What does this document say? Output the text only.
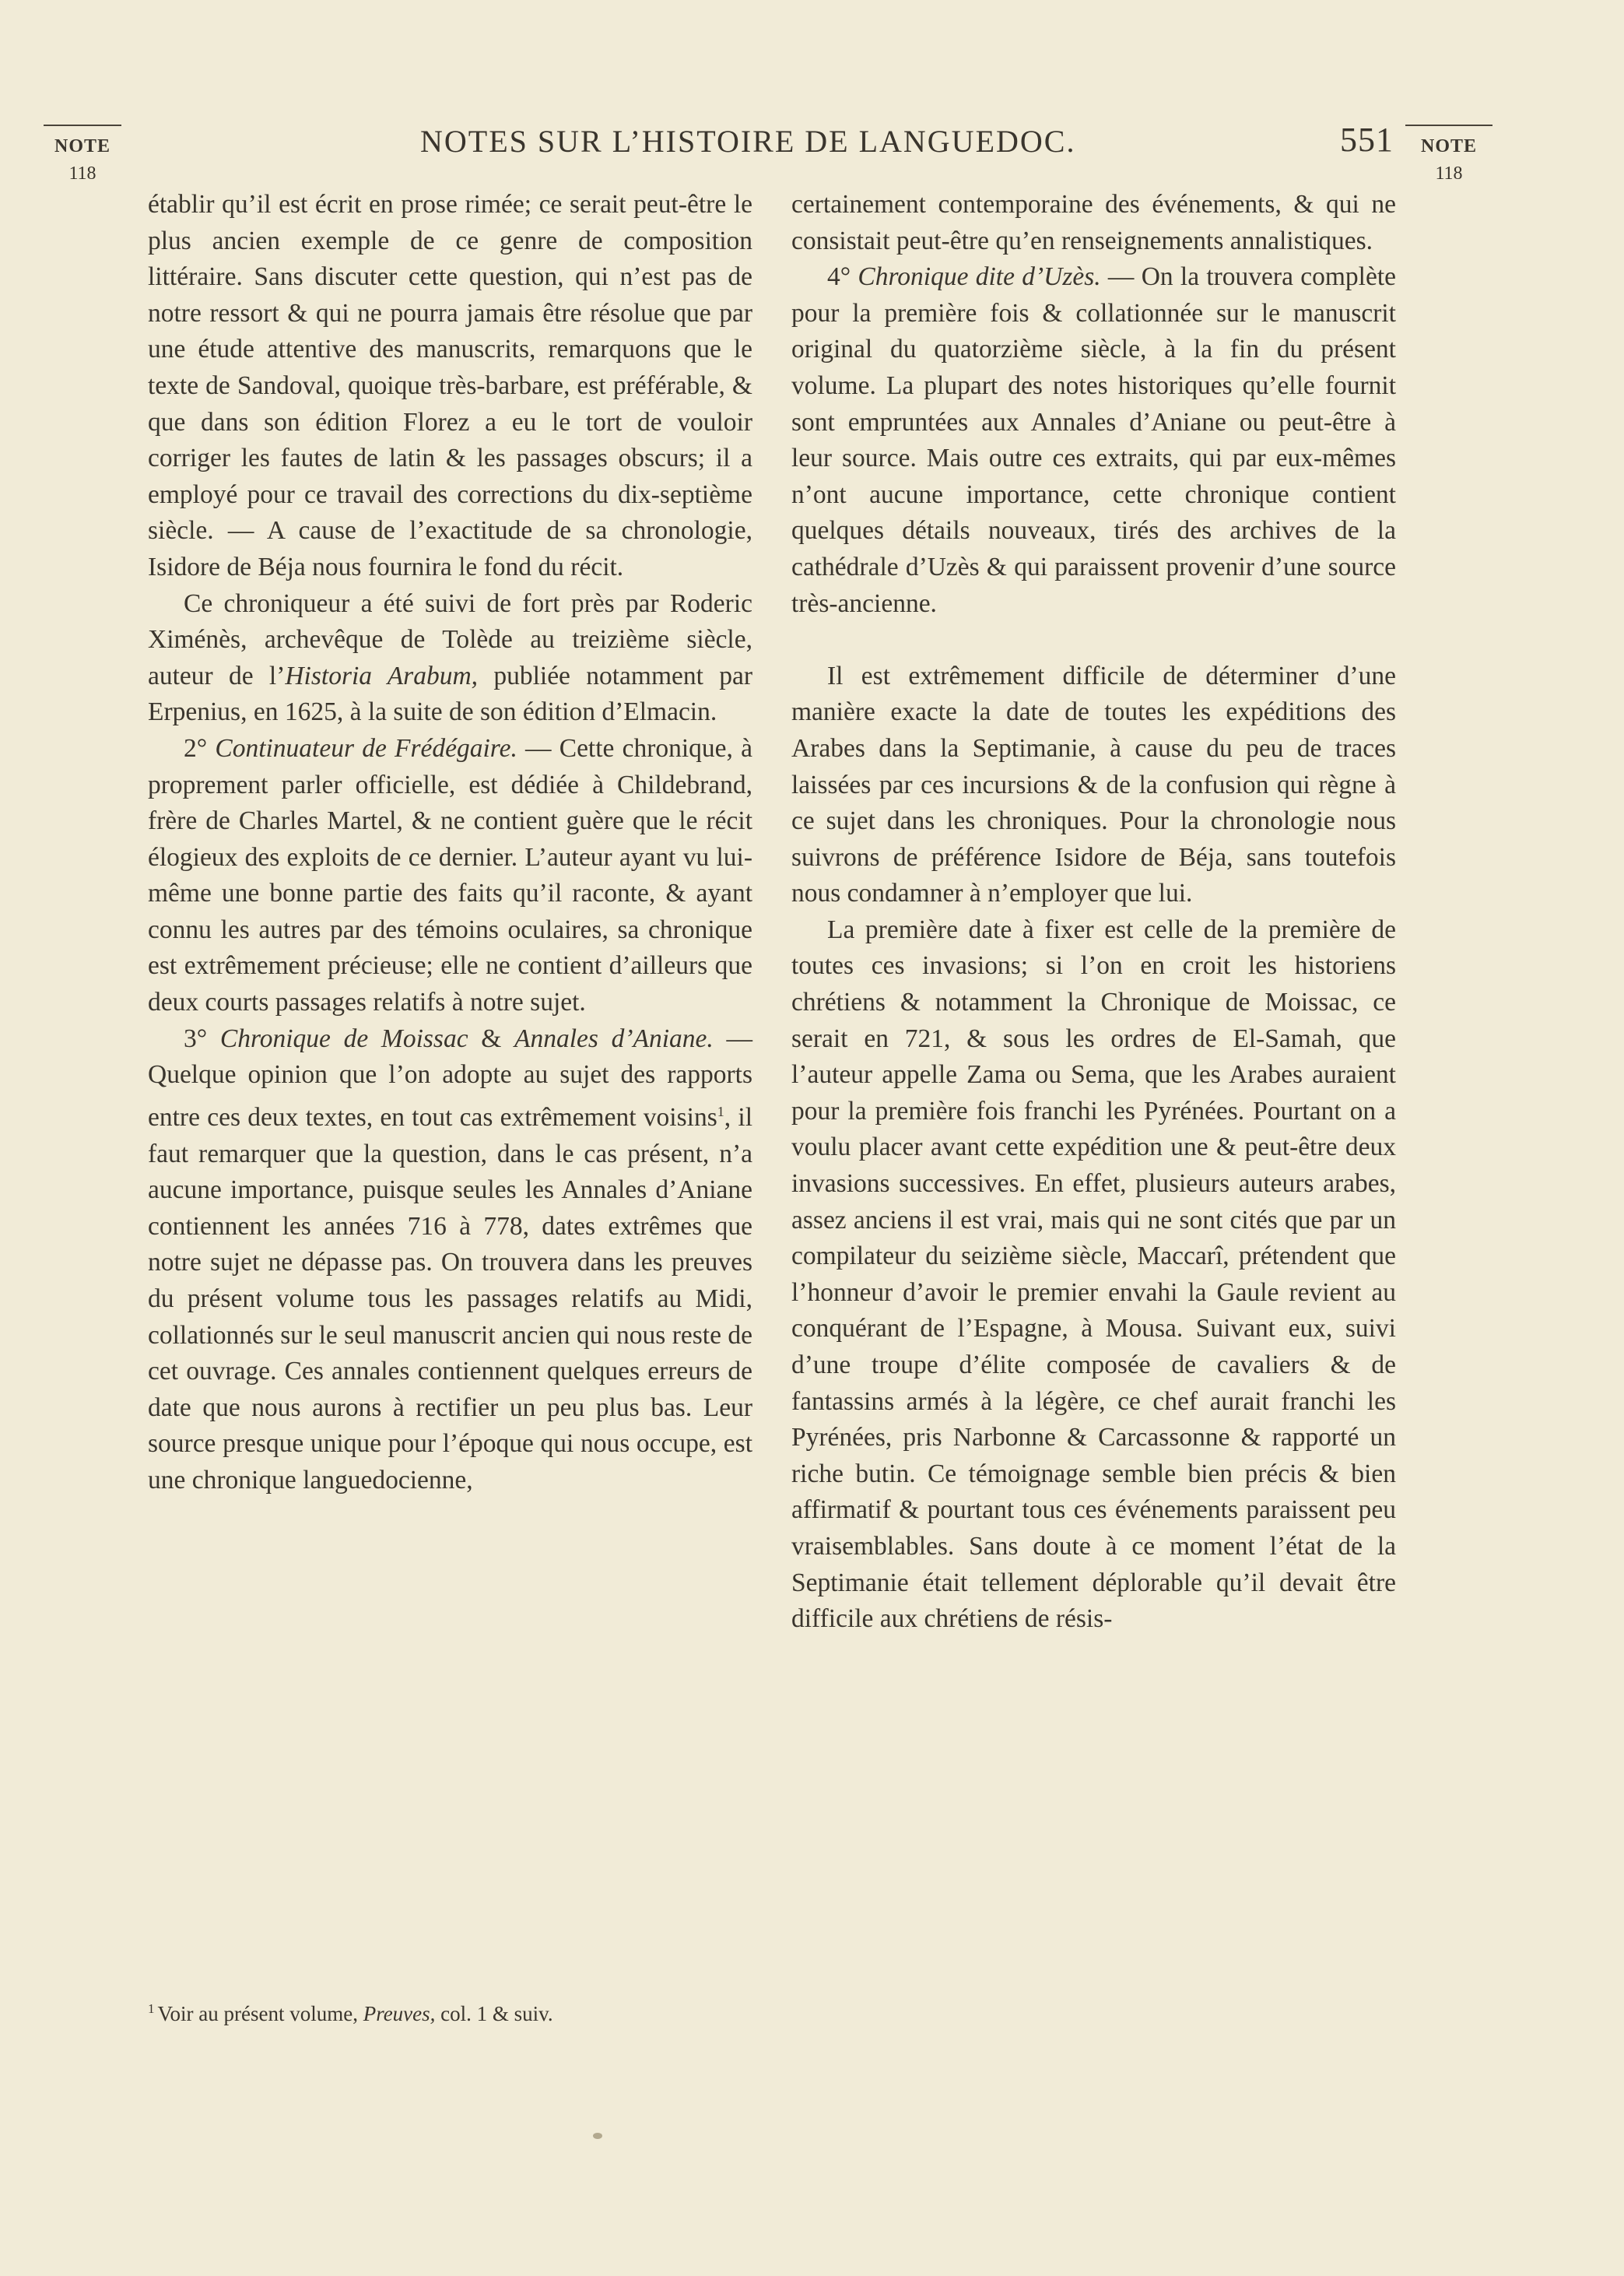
NOTES SUR L’HISTOIRE DE LANGUEDOC.	551
NOTE
118
NOTE
118

établir qu’il est écrit en prose rimée; ce serait peut-être le plus ancien exemple de ce genre de composition littéraire. Sans discuter cette question, qui n’est pas de notre ressort & qui ne pourra jamais être résolue que par une étude attentive des manuscrits, remarquons que le texte de Sandoval, quoique très-barbare, est préférable, & que dans son édition Florez a eu le tort de vouloir corriger les fautes de latin & les passages obscurs; il a employé pour ce travail des corrections du dix-septième siècle. — A cause de l’exactitude de sa chronologie, Isidore de Béja nous fournira le fond du récit.

Ce chroniqueur a été suivi de fort près par Roderic Ximénès, archevêque de Tolède au treizième siècle, auteur de l’Historia Arabum, publiée notamment par Erpenius, en 1625, à la suite de son édition d’Elmacin.

2° Continuateur de Frédégaire. — Cette chronique, à proprement parler officielle, est dédiée à Childebrand, frère de Charles Martel, & ne contient guère que le récit élogieux des exploits de ce dernier. L’auteur ayant vu lui-même une bonne partie des faits qu’il raconte, & ayant connu les autres par des témoins oculaires, sa chronique est extrêmement précieuse; elle ne contient d’ailleurs que deux courts passages relatifs à notre sujet.

3° Chronique de Moissac & Annales d’Aniane. — Quelque opinion que l’on adopte au sujet des rapports entre ces deux textes, en tout cas extrêmement voisins$^1$, il faut remarquer que la question, dans le cas présent, n’a aucune importance, puisque seules les Annales d’Aniane contiennent les années 716 à 778, dates extrêmes que notre sujet ne dépasse pas. On trouvera dans les preuves du présent volume tous les passages relatifs au Midi, collationnés sur le seul manuscrit ancien qui nous reste de cet ouvrage. Ces annales contiennent quelques erreurs de date que nous aurons à rectifier un peu plus bas. Leur source presque unique pour l’époque qui nous occupe, est une chronique languedocienne,

certainement contemporaine des événements, & qui ne consistait peut-être qu’en renseignements annalistiques.

4° Chronique dite d’Uzès. — On la trouvera complète pour la première fois & collationnée sur le manuscrit original du quatorzième siècle, à la fin du présent volume. La plupart des notes historiques qu’elle fournit sont empruntées aux Annales d’Aniane ou peut-être à leur source. Mais outre ces extraits, qui par eux-mêmes n’ont aucune importance, cette chronique contient quelques détails nouveaux, tirés des archives de la cathédrale d’Uzès & qui paraissent provenir d’une source très-ancienne.

Il est extrêmement difficile de déterminer d’une manière exacte la date de toutes les expéditions des Arabes dans la Septimanie, à cause du peu de traces laissées par ces incursions & de la confusion qui règne à ce sujet dans les chroniques. Pour la chronologie nous suivrons de préférence Isidore de Béja, sans toutefois nous condamner à n’employer que lui.

La première date à fixer est celle de la première de toutes ces invasions; si l’on en croit les historiens chrétiens & notamment la Chronique de Moissac, ce serait en 721, & sous les ordres de El-Samah, que l’auteur appelle Zama ou Sema, que les Arabes auraient pour la première fois franchi les Pyrénées. Pourtant on a voulu placer avant cette expédition une & peut-être deux invasions successives. En effet, plusieurs auteurs arabes, assez anciens il est vrai, mais qui ne sont cités que par un compilateur du seizième siècle, Maccarî, prétendent que l’honneur d’avoir le premier envahi la Gaule revient au conquérant de l’Espagne, à Mousa. Suivant eux, suivi d’une troupe d’élite composée de cavaliers & de fantassins armés à la légère, ce chef aurait franchi les Pyrénées, pris Narbonne & Carcassonne & rapporté un riche butin. Ce témoignage semble bien précis & bien affirmatif & pourtant tous ces événements paraissent peu vraisemblables. Sans doute à ce moment l’état de la Septimanie était tellement déplorable qu’il devait être difficile aux chrétiens de résis-

$^1$ Voir au présent volume, Preuves, col. 1 & suiv.
